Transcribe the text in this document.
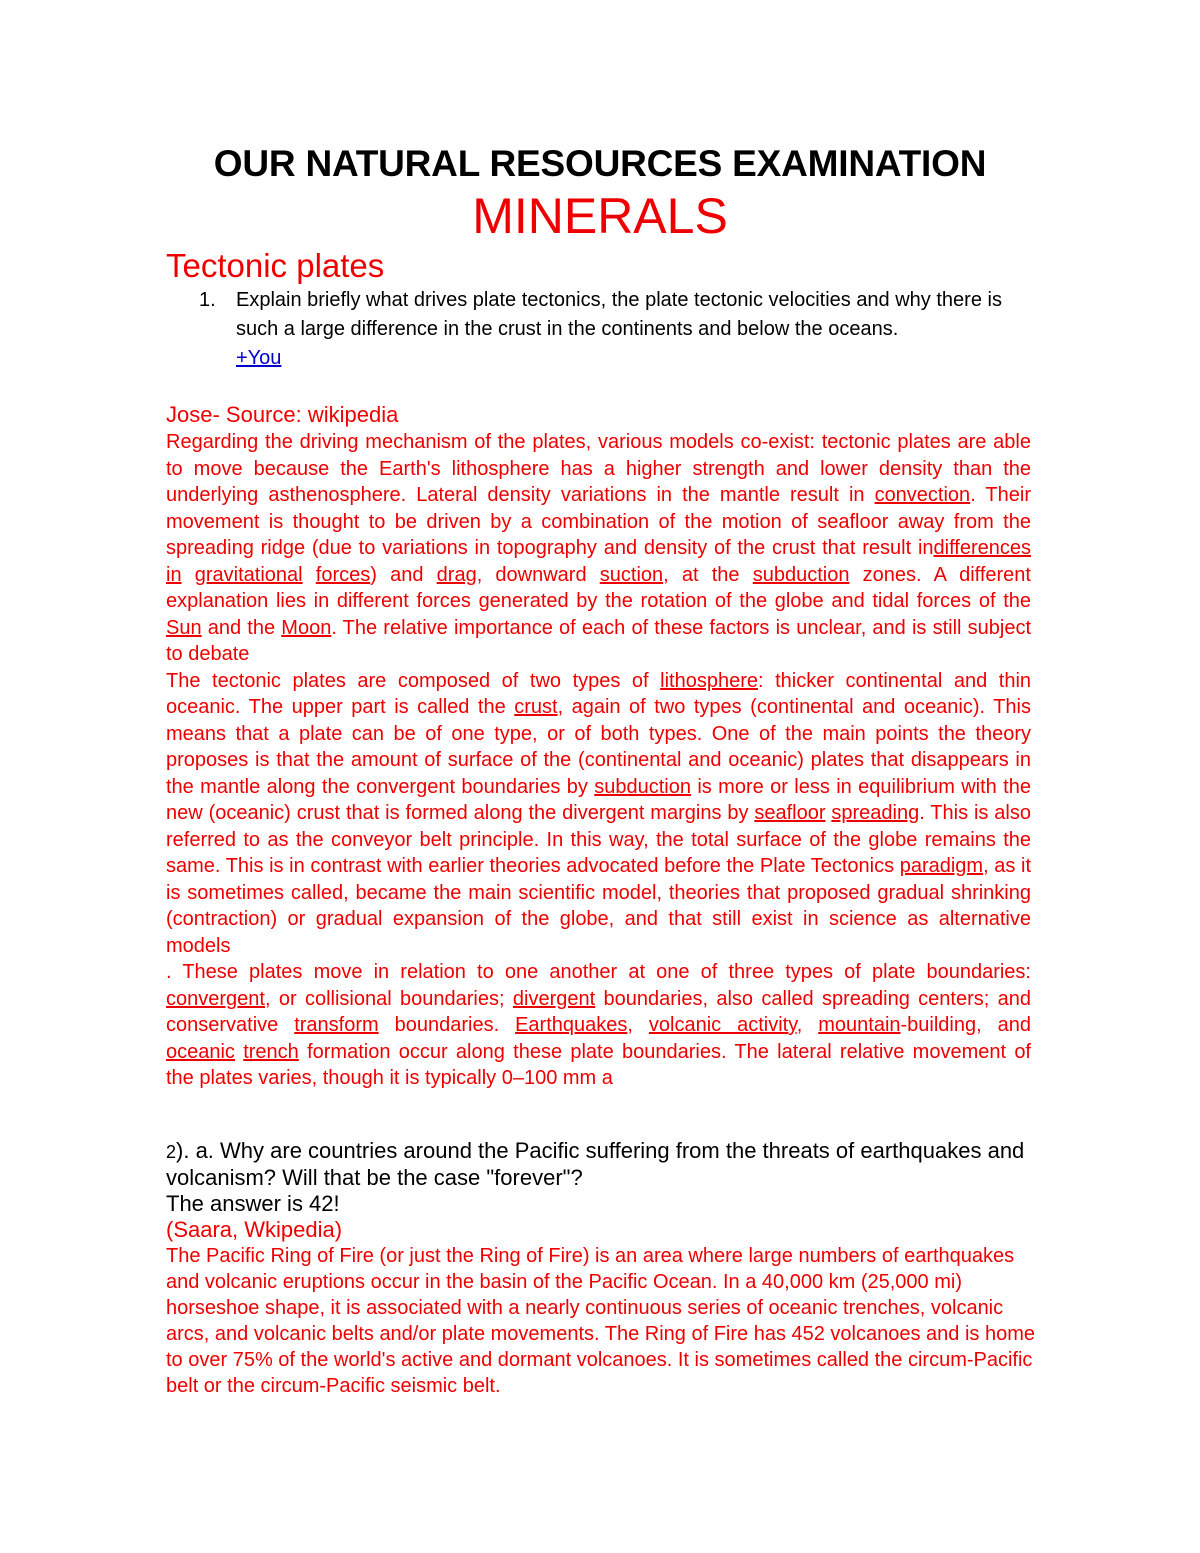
OUR NATURAL RESOURCES EXAMINATION
MINERALS
Tectonic plates
1. Explain briefly what drives plate tectonics, the plate tectonic velocities and why there is such a large difference in the crust in the continents and below the oceans.
+You
Jose- Source: wikipedia

Regarding the driving mechanism of the plates, various models co-exist: tectonic plates are able to move because the Earth's lithosphere has a higher strength and lower density than the underlying asthenosphere. Lateral density variations in the mantle result in convection. Their movement is thought to be driven by a combination of the motion of seafloor away from the spreading ridge (due to variations in topography and density of the crust that result indifferences in gravitational forces) and drag, downward suction, at the subduction zones. A different explanation lies in different forces generated by the rotation of the globe and tidal forces of the Sun and the Moon. The relative importance of each of these factors is unclear, and is still subject to debate

The tectonic plates are composed of two types of lithosphere: thicker continental and thin oceanic. The upper part is called the crust, again of two types (continental and oceanic). This means that a plate can be of one type, or of both types. One of the main points the theory proposes is that the amount of surface of the (continental and oceanic) plates that disappears in the mantle along the convergent boundaries by subduction is more or less in equilibrium with the new (oceanic) crust that is formed along the divergent margins by seafloor spreading. This is also referred to as the conveyor belt principle. In this way, the total surface of the globe remains the same. This is in contrast with earlier theories advocated before the Plate Tectonics paradigm, as it is sometimes called, became the main scientific model, theories that proposed gradual shrinking (contraction) or gradual expansion of the globe, and that still exist in science as alternative models

. These plates move in relation to one another at one of three types of plate boundaries: convergent, or collisional boundaries; divergent boundaries, also called spreading centers; and conservative transform boundaries. Earthquakes, volcanic activity, mountain-building, and oceanic trench formation occur along these plate boundaries. The lateral relative movement of the plates varies, though it is typically 0–100 mm a

2). a. Why are countries around the Pacific suffering from the threats of earthquakes and volcanism? Will that be the case "forever"?
The answer is 42!
(Saara, Wkipedia)
The Pacific Ring of Fire (or just the Ring of Fire) is an area where large numbers of earthquakes and volcanic eruptions occur in the basin of the Pacific Ocean. In a 40,000 km (25,000 mi) horseshoe shape, it is associated with a nearly continuous series of oceanic trenches, volcanic arcs, and volcanic belts and/or plate movements. The Ring of Fire has 452 volcanoes and is home to over 75% of the world's active and dormant volcanoes. It is sometimes called the circum-Pacific belt or the circum-Pacific seismic belt.
